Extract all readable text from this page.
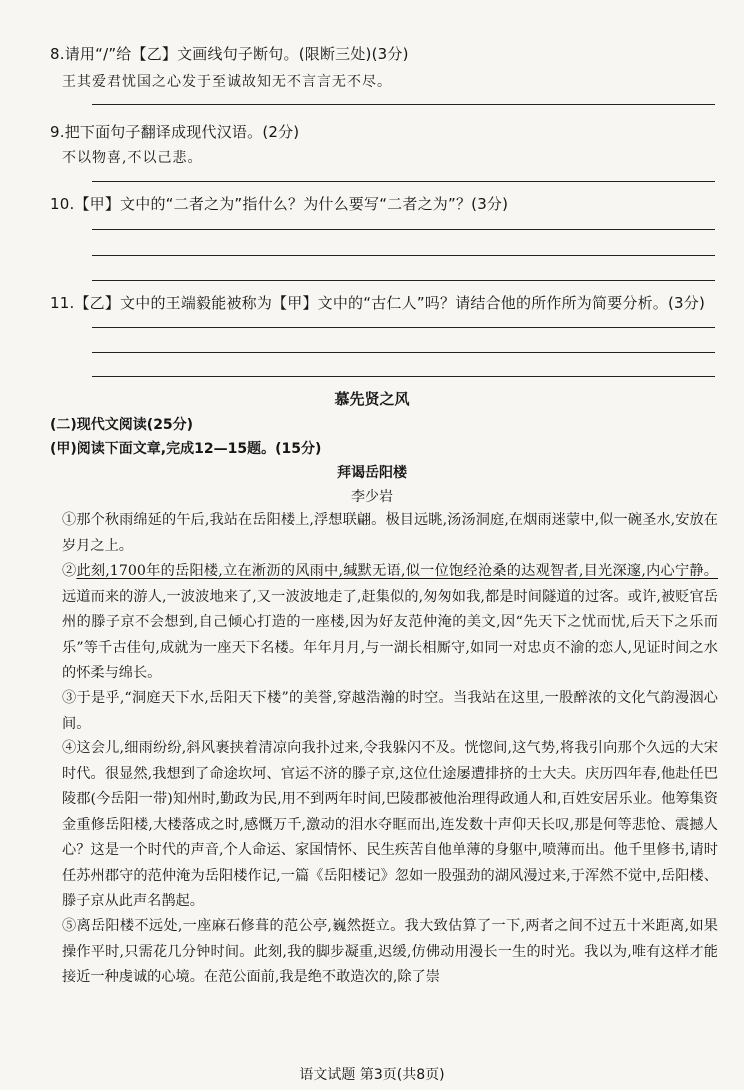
8.请用“/”给【乙】文画线句子断句。(限断三处)(3分)
王其爱君忧国之心发于至诚故知无不言言无不尽。
9.把下面句子翻译成现代汉语。(2分)
不以物喜,不以己悲。
10.【甲】文中的“二者之为”指什么？为什么要写“二者之为”？(3分)
11.【乙】文中的王端毅能被称为【甲】文中的“古仁人”吗？请结合他的所作所为简要分析。(3分)
慕先贤之风
(二)现代文阅读(25分)
(甲)阅读下面文章,完成12—15题。(15分)
拜谒岳阳楼
李少岩
①那个秋雨绵延的午后,我站在岳阳楼上,浮想联翩。极目远眺,汤汤洞庭,在烟雨迷蒙中,似一碗圣水,安放在岁月之上。
②此刻,1700年的岳阳楼,立在淅沥的风雨中,缄默无语,似一位饱经沧桑的达观智者,目光深邃,内心宁静。远道而来的游人,一波波地来了,又一波波地走了,赶集似的,匆匆如我,都是时间隧道的过客。或许,被贬官岳州的滕子京不会想到,自己倾心打造的一座楼,因为好友范仲淹的美文,因“先天下之忧而忧,后天下之乐而乐”等千古佳句,成就为一座天下名楼。年年月月,与一湖长相厮守,如同一对忠贞不渝的恋人,见证时间之水的怀柔与绵长。
③于是乎,“洞庭天下水,岳阳天下楼”的美誉,穿越浩瀚的时空。当我站在这里,一股醉浓的文化气韵漫洇心间。
④这会儿,细雨纷纷,斜风裹挟着清凉向我扑过来,令我躲闪不及。恍惚间,这气势,将我引向那个久远的大宋时代。很显然,我想到了命途坎坷、官运不济的滕子京,这位仕途屡遭排挤的士大夫。庆历四年春,他赴任巴陵郡(今岳阳一带)知州时,勤政为民,用不到两年时间,巴陵郡被他治理得政通人和,百姓安居乐业。他筹集资金重修岳阳楼,大楼落成之时,感慨万千,激动的泪水夺眶而出,连发数十声仰天长叹,那是何等悲怆、震撼人心？这是一个时代的声音,个人命运、家国情怀、民生疾苦自他单薄的身躯中,喷薄而出。他千里修书,请时任苏州郡守的范仲淹为岳阳楼作记,一篇《岳阳楼记》忽如一股强劲的湖风漫过来,于浑然不觉中,岳阳楼、滕子京从此声名鹊起。
⑤离岳阳楼不远处,一座麻石修葺的范公亭,巍然挺立。我大致估算了一下,两者之间不过五十米距离,如果操作平时,只需花几分钟时间。此刻,我的脚步凝重,迟缓,仿佛动用漫长一生的时光。我以为,唯有这样才能接近一种虔诚的心境。在范公面前,我是绝不敢造次的,除了崇
语文试题 第3页(共8页)
